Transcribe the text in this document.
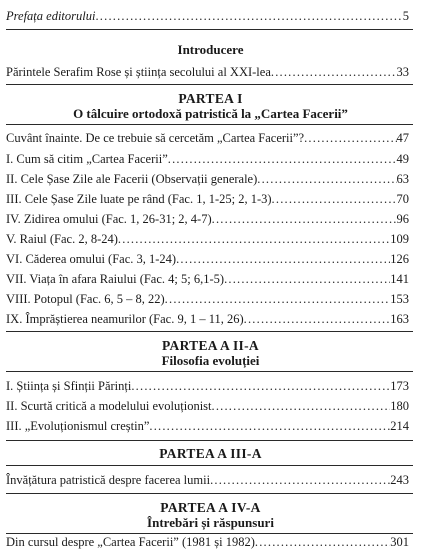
Prefața editorului .....	5
Introducere
Părintele Serafim Rose și știința secolului al XXI-lea .....	33
PARTEA I
O tâlcuire ortodoxă patristică la „Cartea Facerii”
Cuvânt înainte. De ce trebuie să cercetăm „Cartea Facerii”? .....	47
I. Cum să citim „Cartea Facerii” .....	49
II. Cele Șase Zile ale Facerii (Observații generale) .....	63
III. Cele Șase Zile luate pe rând (Fac. 1, 1-25; 2, 1-3) .....	70
IV. Zidirea omului (Fac. 1, 26-31; 2, 4-7) .....	96
V. Raiul (Fac. 2, 8-24) .....	109
VI. Căderea omului (Fac. 3, 1-24) .....	126
VII. Viața în afara Raiului (Fac. 4; 5; 6,1-5) .....	141
VIII. Potopul (Fac. 6, 5 – 8, 22) .....	153
IX. Împrăștierea neamurilor (Fac. 9, 1 – 11, 26) .....	163
PARTEA A II-A
Filosofia evoluției
I. Știința și Sfinții Părinți .....	173
II. Scurtă critică a modelului evoluționist .....	180
III. „Evoluționismul creștin” .....	214
PARTEA A III-A
Învățătura patristică despre facerea lumii .....	243
PARTEA A IV-A
Întrebări și răspunsuri
Din cursul despre „Cartea Facerii” (1981 și 1982) .....	301
